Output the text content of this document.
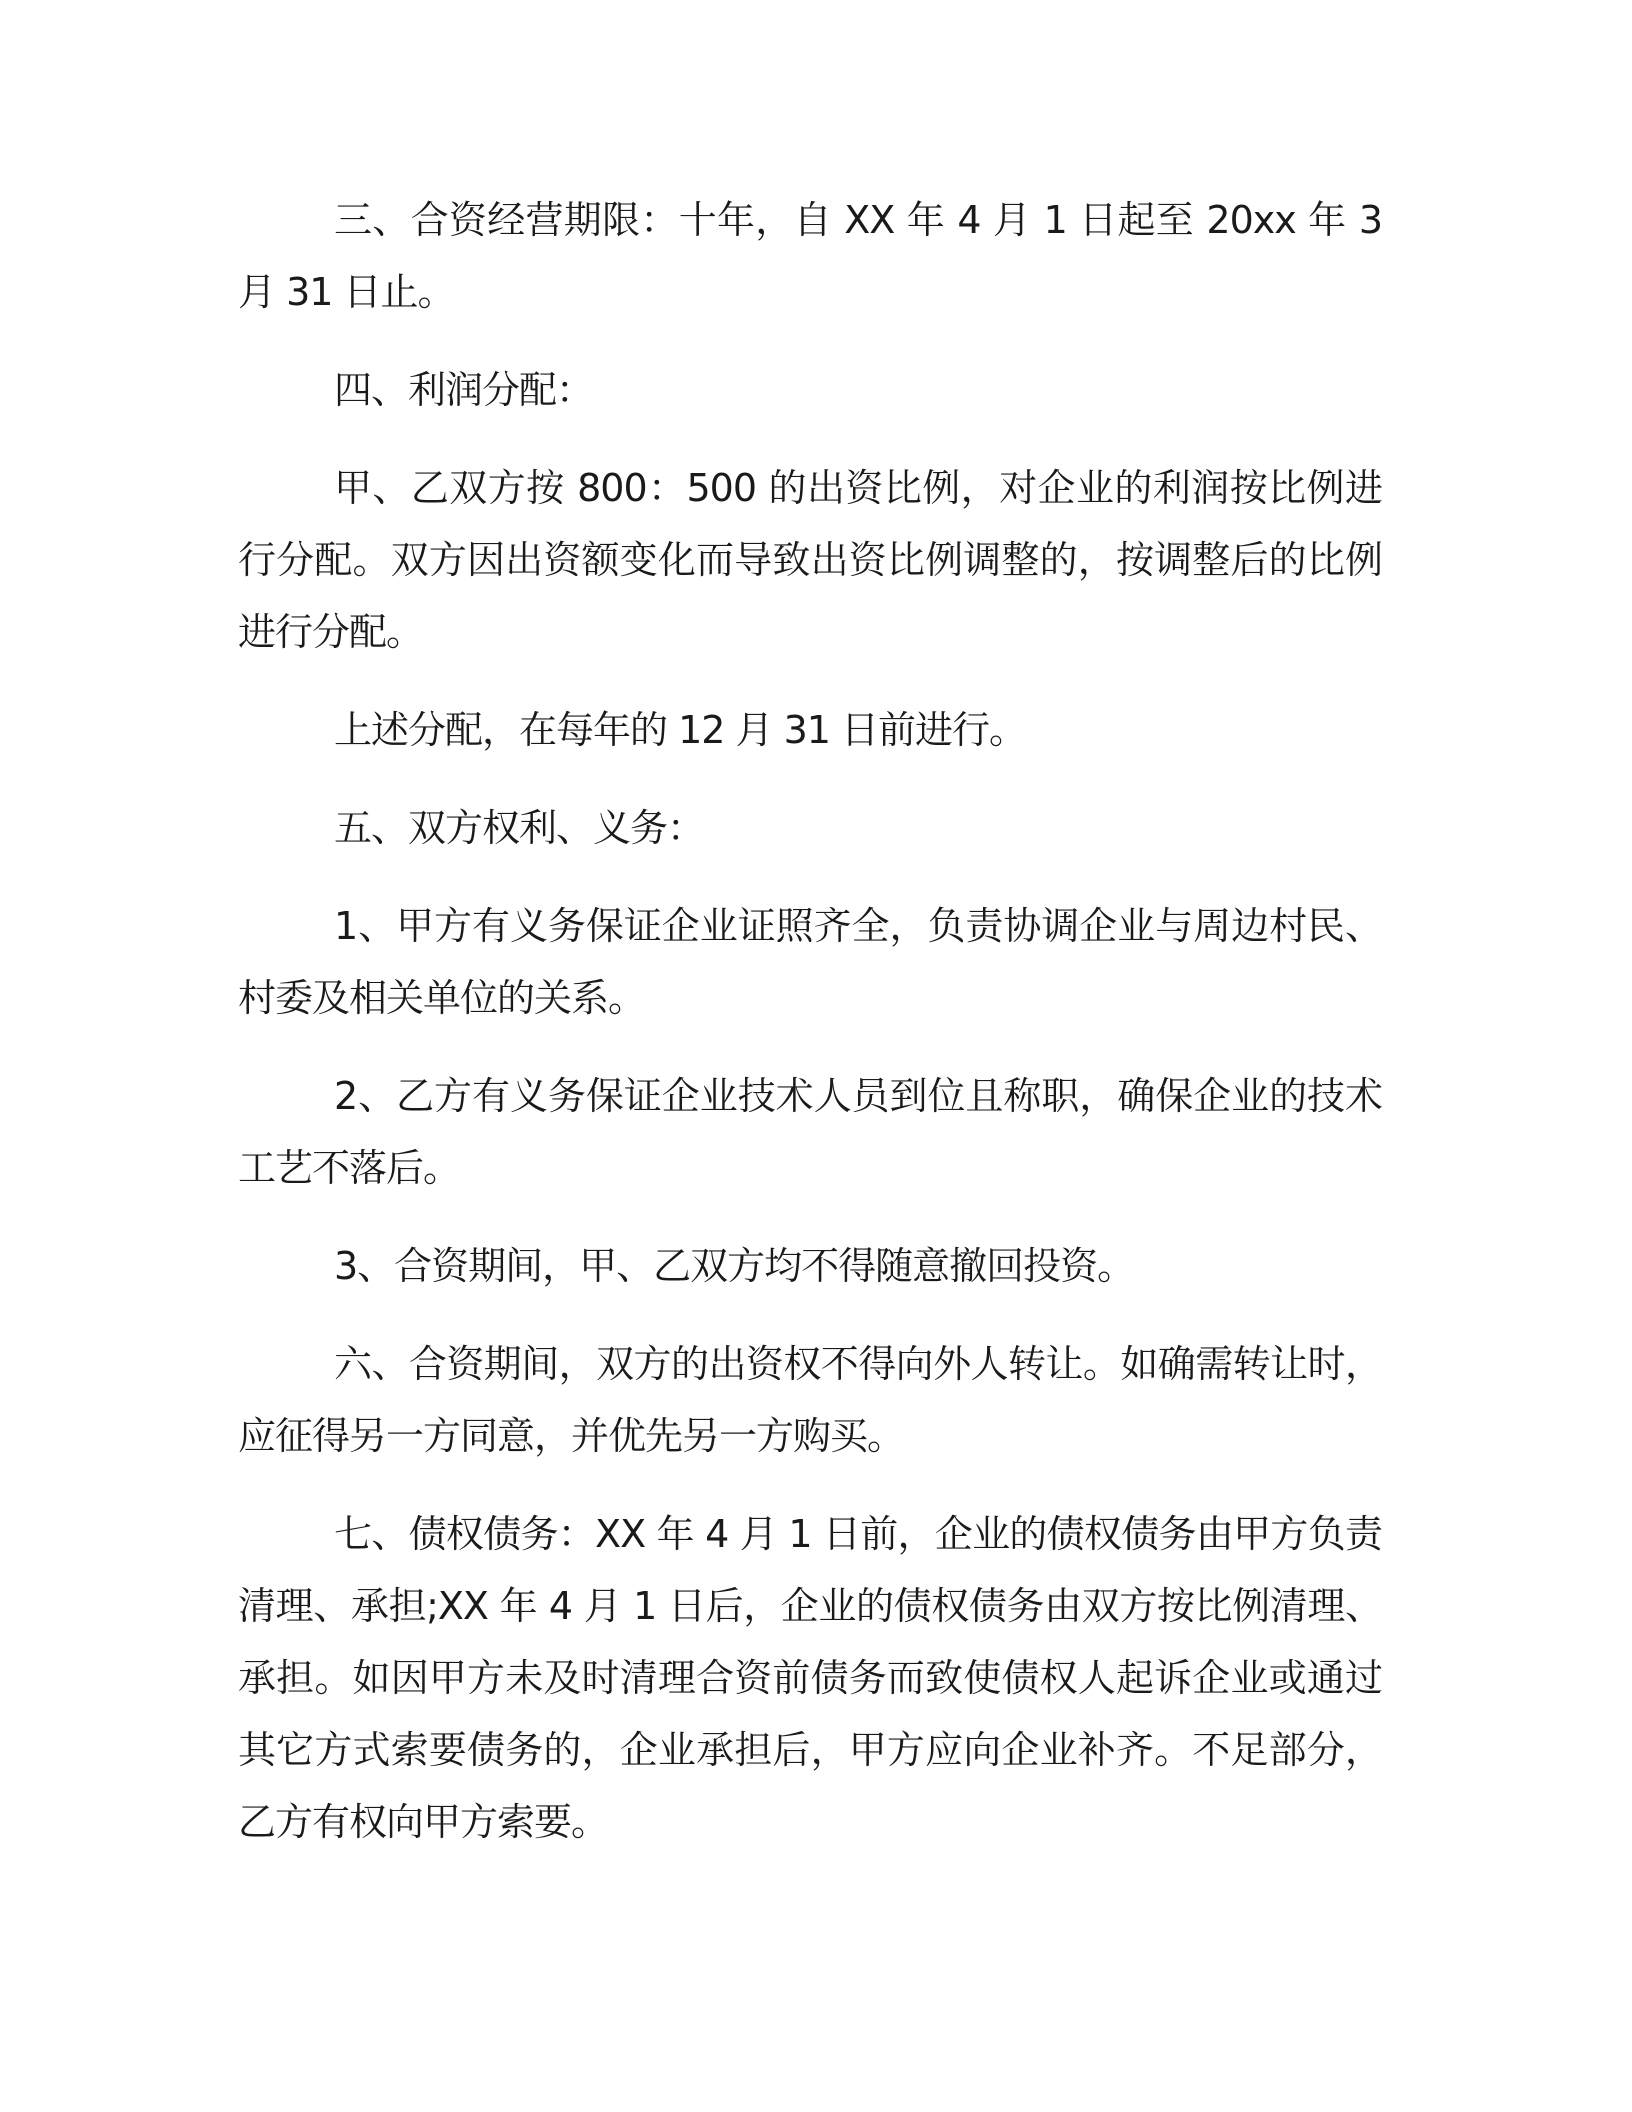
三、合资经营期限：十年，自 XX 年 4 月 1 日起至 20xx 年 3 月 31 日止。

四、利润分配：

甲、乙双方按 800：500 的出资比例，对企业的利润按比例进行分配。双方因出资额变化而导致出资比例调整的，按调整后的比例进行分配。

上述分配，在每年的 12 月 31 日前进行。

五、双方权利、义务：

1、甲方有义务保证企业证照齐全，负责协调企业与周边村民、村委及相关单位的关系。

2、乙方有义务保证企业技术人员到位且称职，确保企业的技术工艺不落后。

3、合资期间，甲、乙双方均不得随意撤回投资。

六、合资期间，双方的出资权不得向外人转让。如确需转让时，应征得另一方同意，并优先另一方购买。

七、债权债务：XX 年 4 月 1 日前，企业的债权债务由甲方负责清理、承担;XX 年 4 月 1 日后，企业的债权债务由双方按比例清理、承担。如因甲方未及时清理合资前债务而致使债权人起诉企业或通过其它方式索要债务的，企业承担后，甲方应向企业补齐。不足部分，乙方有权向甲方索要。
